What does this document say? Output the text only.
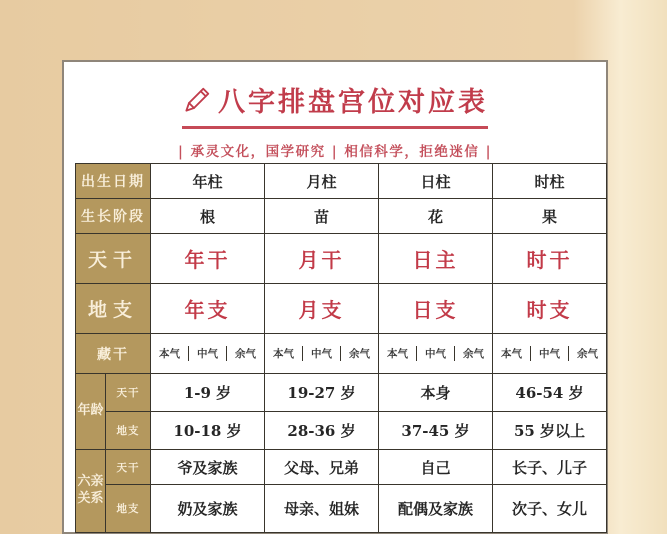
八字排盘宫位对应表
| 承灵文化，国学研究 | 相信科学，拒绝迷信 |
出生日期		年柱	月柱	日柱	时柱
生长阶段		根	苗	花	果
天干		年干	月干	日主	时干
地支		年支	月支	日支	时支
藏干		本气 中气 余气	本气 中气 余气	本气 中气 余气	本气 中气 余气

年龄	天干	1-9 岁	19-27 岁	本身	46-54 岁
	地支	10-18 岁	28-36 岁	37-45 岁	55 岁以上
六亲关系	天干	爷及家族	父母、兄弟	自己	长子、儿子
	地支	奶及家族	母亲、姐妹	配偶及家族	次子、女儿
